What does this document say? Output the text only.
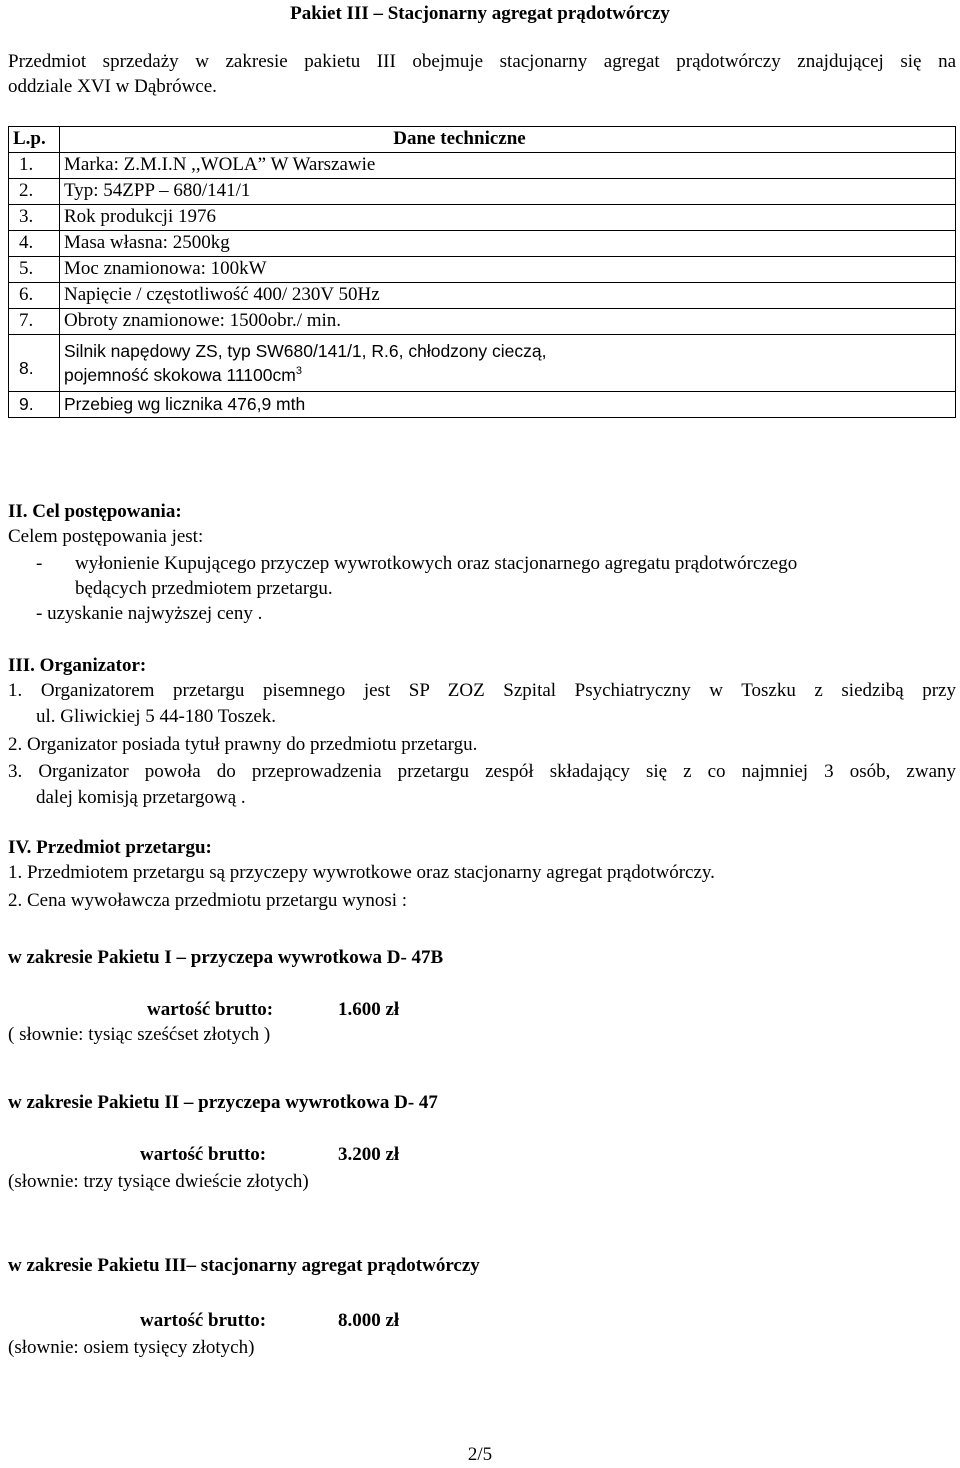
Pakiet III – Stacjonarny agregat prądotwórczy
Przedmiot sprzedaży w zakresie pakietu III obejmuje stacjonarny agregat prądotwórczy znajdującej się na
oddziale XVI w Dąbrówce.
L.p.	Dane techniczne
1.	Marka: Z.M.I.N ,,WOLA” W Warszawie
2.	Typ: 54ZPP – 680/141/1
3.	Rok produkcji 1976
4.	Masa własna: 2500kg
5.	Moc znamionowa: 100kW
6.	Napięcie / częstotliwość 400/ 230V 50Hz
7.	Obroty znamionowe: 1500obr./ min.
8.	Silnik napędowy ZS, typ SW680/141/1, R.6, chłodzony cieczą,
pojemność skokowa $11100cm^3$

9.	Przebieg wg licznika 476,9 mth
II. Cel postępowania:
Celem postępowania jest:
- wyłonienie Kupującego przyczep wywrotkowych oraz stacjonarnego agregatu prądotwórczego
będących przedmiotem przetargu.
- uzyskanie najwyższej ceny .
III. Organizator:
1. Organizatorem przetargu pisemnego jest SP ZOZ Szpital Psychiatryczny w Toszku z siedzibą przy
ul. Gliwickiej 5 44-180 Toszek.
2. Organizator posiada tytuł prawny do przedmiotu przetargu.
3. Organizator powoła do przeprowadzenia przetargu zespół składający się z co najmniej 3 osób, zwany
dalej komisją przetargową .
IV. Przedmiot przetargu:
1. Przedmiotem przetargu są przyczepy wywrotkowe oraz stacjonarny agregat prądotwórczy.
2. Cena wywoławcza przedmiotu przetargu wynosi :
w zakresie Pakietu I – przyczepa wywrotkowa D- 47B
wartość brutto:	1.600 zł
( słownie: tysiąc sześćset złotych )
w zakresie Pakietu II – przyczepa wywrotkowa D- 47
wartość brutto:	3.200 zł
(słownie: trzy tysiące dwieście złotych)
w zakresie Pakietu III– stacjonarny agregat prądotwórczy
wartość brutto:	8.000 zł
(słownie: osiem tysięcy złotych)
2/5
